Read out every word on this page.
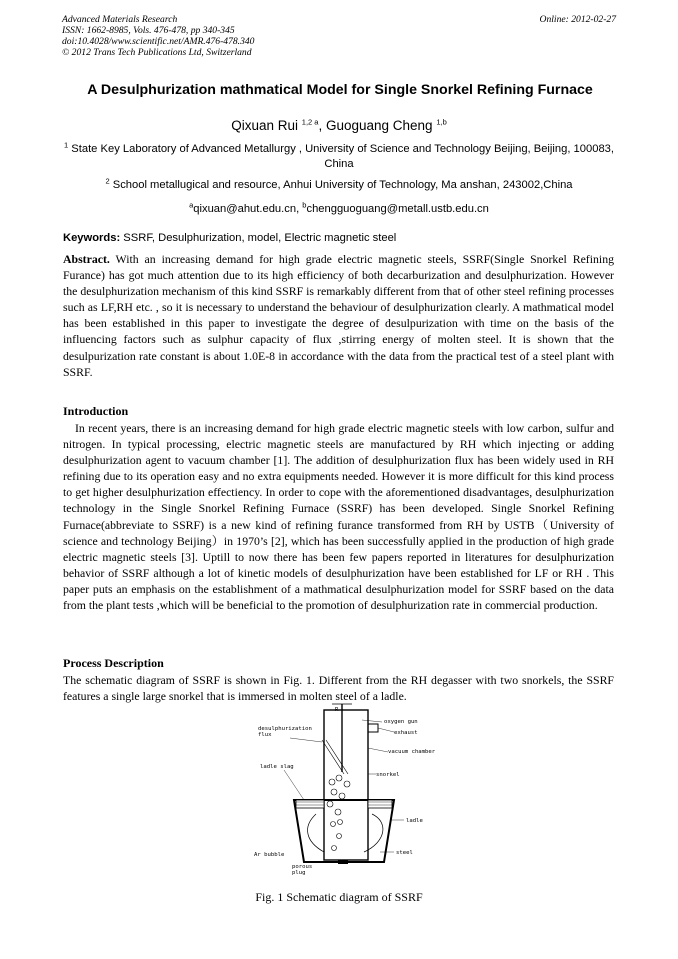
Advanced Materials Research
ISSN: 1662-8985, Vols. 476-478, pp 340-345
doi:10.4028/www.scientific.net/AMR.476-478.340
© 2012 Trans Tech Publications Ltd, Switzerland
Online: 2012-02-27
A Desulphurization mathmatical Model for Single Snorkel Refining Furnace
Qixuan Rui $^{1,2 a}$, Guoguang Cheng $^{1,b}$
$^1$ State Key Laboratory of Advanced Metallurgy , University of Science and Technology Beijing, Beijing, 100083, China
$^2$ School metallugical and resource, Anhui University of Technology, Ma anshan, 243002,China
$^a$qixuan@ahut.edu.cn, $^b$chengguoguang@metall.ustb.edu.cn
Keywords: SSRF, Desulphurization, model, Electric magnetic steel
Abstract. With an increasing demand for high grade electric magnetic steels, SSRF(Single Snorkel Refining Furance) has got much attention due to its high efficiency of both decarburization and desulphurization. However the desulphurization mechanism of this kind SSRF is remarkably different from that of other steel refining processes such as LF,RH etc. , so it is necessary to understand the behaviour of desulphurization clearly. A mathmatical model has been established in this paper to investigate the degree of desulpurization with time on the basis of the influencing factors such as sulphur capacity of flux ,stirring energy of molten steel. It is shown that the desulpurization rate constant is about 1.0E-8 in accordance with the data from the practical test of a steel plant with SSRF.
Introduction
In recent years, there is an increasing demand for high grade electric magnetic steels with low carbon, sulfur and nitrogen. In typical processing, electric magnetic steels are manufactured by RH which injecting or adding desulphurization agent to vacuum chamber [1]. The addition of desulphurization flux has been widely used in RH refining due to its operation easy and no extra equipments needed. However it is more difficult for this kind process to get higher desulphurization effectiency. In order to cope with the aforementioned disadvantages, desulphurization technology in the Single Snorkel Refining Furnace (SSRF) has been developed. Single Snorkel Refining Furnace(abbreviate to SSRF) is a new kind of refining furance transformed from RH by USTB（University of science and technology Beijing）in 1970’s [2], which has been successfully applied in the production of high grade electric magnetic steels [3]. Uptill to now there has been few papers reported in literatures for desulphurization behavior of SSRF although a lot of kinetic models of desulphurization have been established for LF or RH . This paper puts an emphasis on the establishment of a mathmatical desulphurization model for SSRF based on the data from the plant tests ,which will be beneficial to the promotion of desulphurization rate in commercial production.
Process Description
The schematic diagram of SSRF is shown in Fig. 1. Different from the RH degasser with two snorkels, the SSRF features a single large snorkel that is immersed in molten steel of a ladle.
R
oxygen gun
exhaust
desulphurization
flux
vacuum chamber
ladle slag
snorkel
ladle
Ar bubble	steel
porous
plug
Fig. 1 Schematic diagram of SSRF
